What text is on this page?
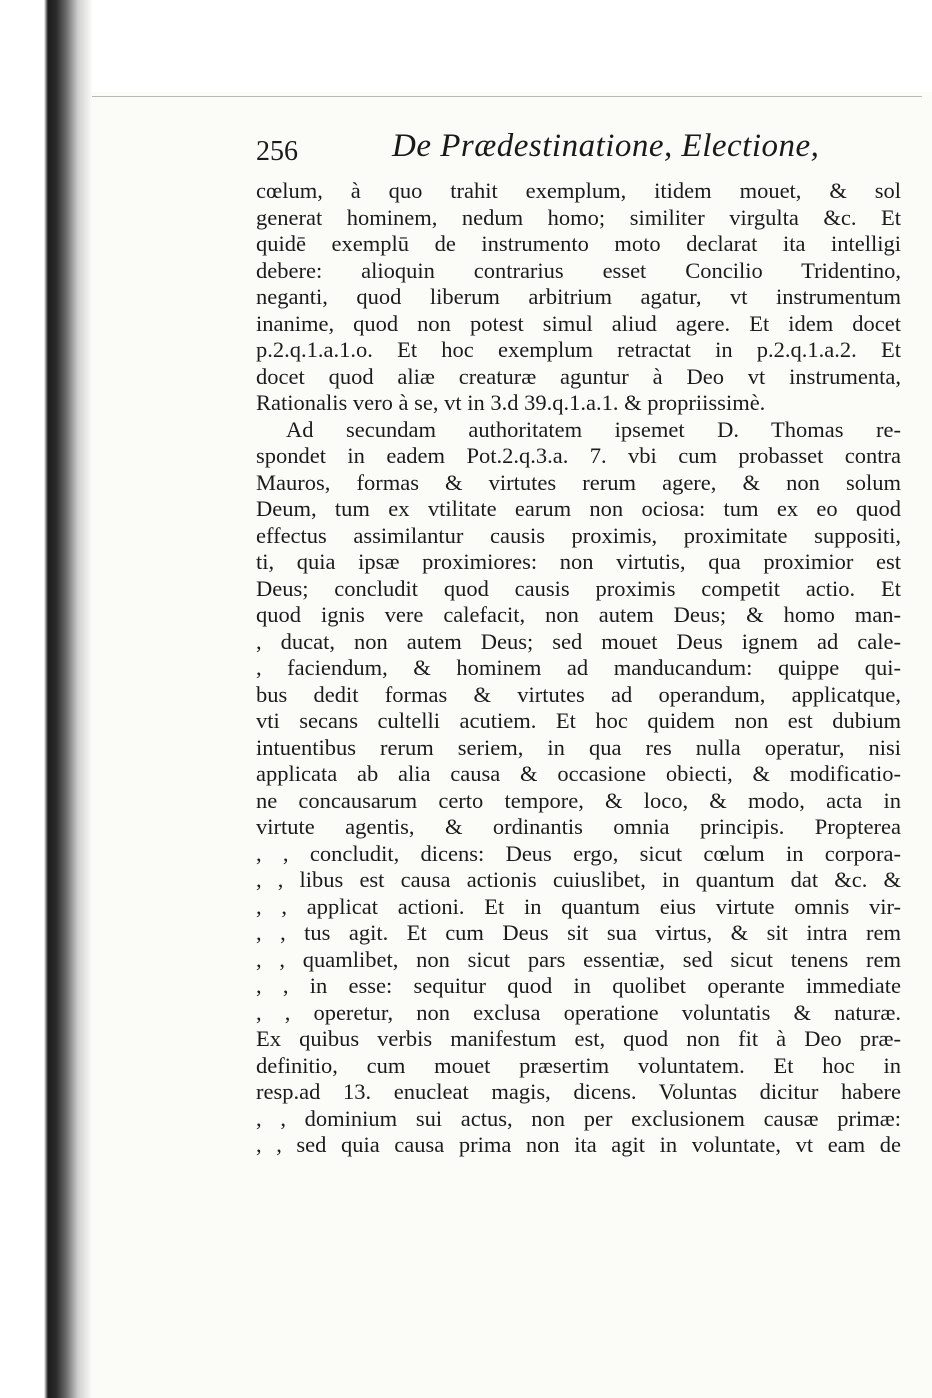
256	De Prædestinatione, Electione,
cœlum, à quo trahit exemplum, itidem mouet, & sol
generat hominem, nedum homo; similiter virgulta &c. Et
quidē exemplū de instrumento moto declarat ita intelligi
debere: alioquin contrarius esset Concilio Tridentino,
neganti, quod liberum arbitrium agatur, vt instrumentum
inanime, quod non potest simul aliud agere. Et idem docet
p.2.q.1.a.1.o. Et hoc exemplum retractat in p.2.q.1.a.2. Et
docet quod aliæ creaturæ aguntur à Deo vt instrumenta,
Rationalis vero à se, vt in 3.d 39.q.1.a.1. & propriissimè.
Ad secundam authoritatem ipsemet D. Thomas re-
spondet in eadem Pot.2.q.3.a. 7. vbi cum probasset contra
Mauros, formas & virtutes rerum agere, & non solum
Deum, tum ex vtilitate earum non ociosa: tum ex eo quod
effectus assimilantur causis proximis, proximitate suppositi,
ti, quia ipsæ proximiores: non virtutis, qua proximior est
Deus; concludit quod causis proximis competit actio. Et
quod ignis vere calefacit, non autem Deus; & homo man-
, ducat, non autem Deus; sed mouet Deus ignem ad cale-
, faciendum, & hominem ad manducandum: quippe qui-
bus dedit formas & virtutes ad operandum, applicatque,
vti secans cultelli acutiem. Et hoc quidem non est dubium
intuentibus rerum seriem, in qua res nulla operatur, nisi
applicata ab alia causa & occasione obiecti, & modificatio-
ne concausarum certo tempore, & loco, & modo, acta in
virtute agentis, & ordinantis omnia principis. Propterea
, , concludit, dicens: Deus ergo, sicut cœlum in corpora-
, , libus est causa actionis cuiuslibet, in quantum dat &c. &
, , applicat actioni. Et in quantum eius virtute omnis vir-
, , tus agit. Et cum Deus sit sua virtus, & sit intra rem
, , quamlibet, non sicut pars essentiæ, sed sicut tenens rem
, , in esse: sequitur quod in quolibet operante immediate
, , operetur, non exclusa operatione voluntatis & naturæ.
Ex quibus verbis manifestum est, quod non fit à Deo præ-
definitio, cum mouet præsertim voluntatem. Et hoc in
resp.ad 13. enucleat magis, dicens. Voluntas dicitur habere
, , dominium sui actus, non per exclusionem causæ primæ:
, , sed quia causa prima non ita agit in voluntate, vt eam de
